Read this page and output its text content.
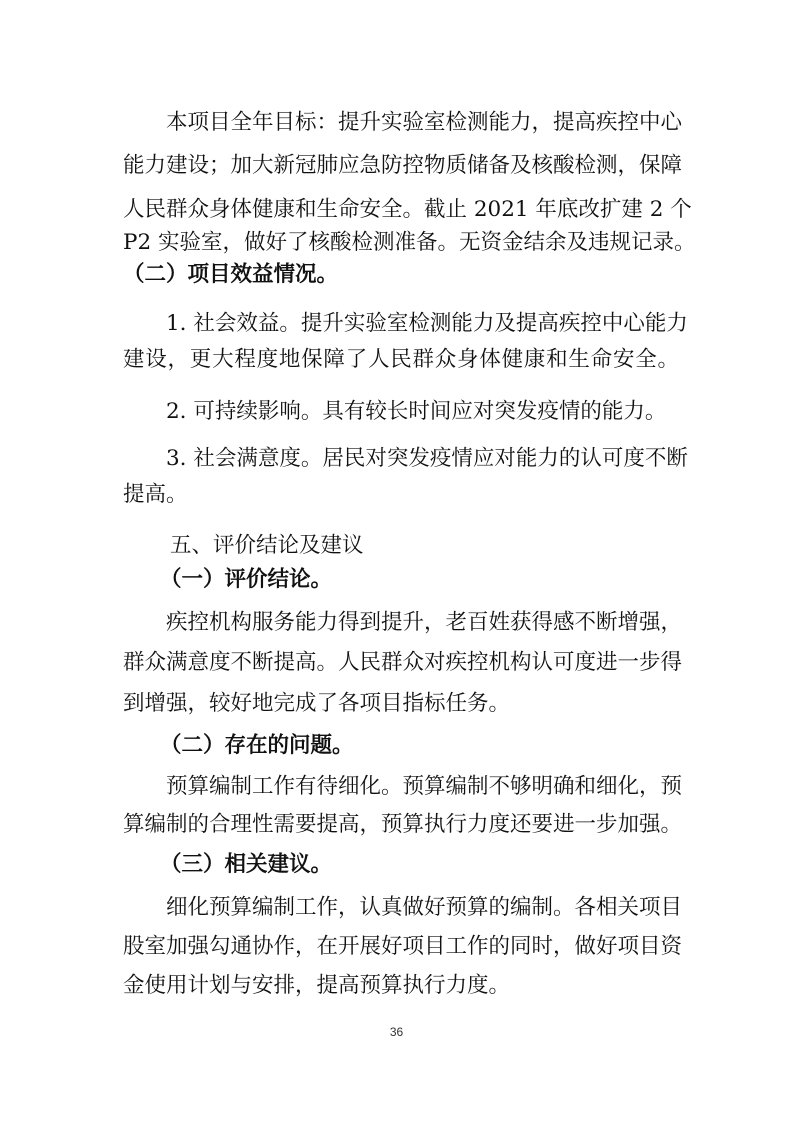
本项目全年目标：提升实验室检测能力，提高疾控中心
能力建设；加大新冠肺应急防控物质储备及核酸检测，保障
人民群众身体健康和生命安全。截止 2021 年底改扩建 2 个
P2 实验室，做好了核酸检测准备。无资金结余及违规记录。
（二）项目效益情况。
1. 社会效益。提升实验室检测能力及提高疾控中心能力
建设，更大程度地保障了人民群众身体健康和生命安全。
2. 可持续影响。具有较长时间应对突发疫情的能力。
3. 社会满意度。居民对突发疫情应对能力的认可度不断
提高。
五、评价结论及建议
（一）评价结论。
疾控机构服务能力得到提升，老百姓获得感不断增强，
群众满意度不断提高。人民群众对疾控机构认可度进一步得
到增强，较好地完成了各项目指标任务。
（二）存在的问题。
预算编制工作有待细化。预算编制不够明确和细化，预
算编制的合理性需要提高，预算执行力度还要进一步加强。
（三）相关建议。
细化预算编制工作，认真做好预算的编制。各相关项目
股室加强勾通协作，在开展好项目工作的同时，做好项目资
金使用计划与安排，提高预算执行力度。
36
